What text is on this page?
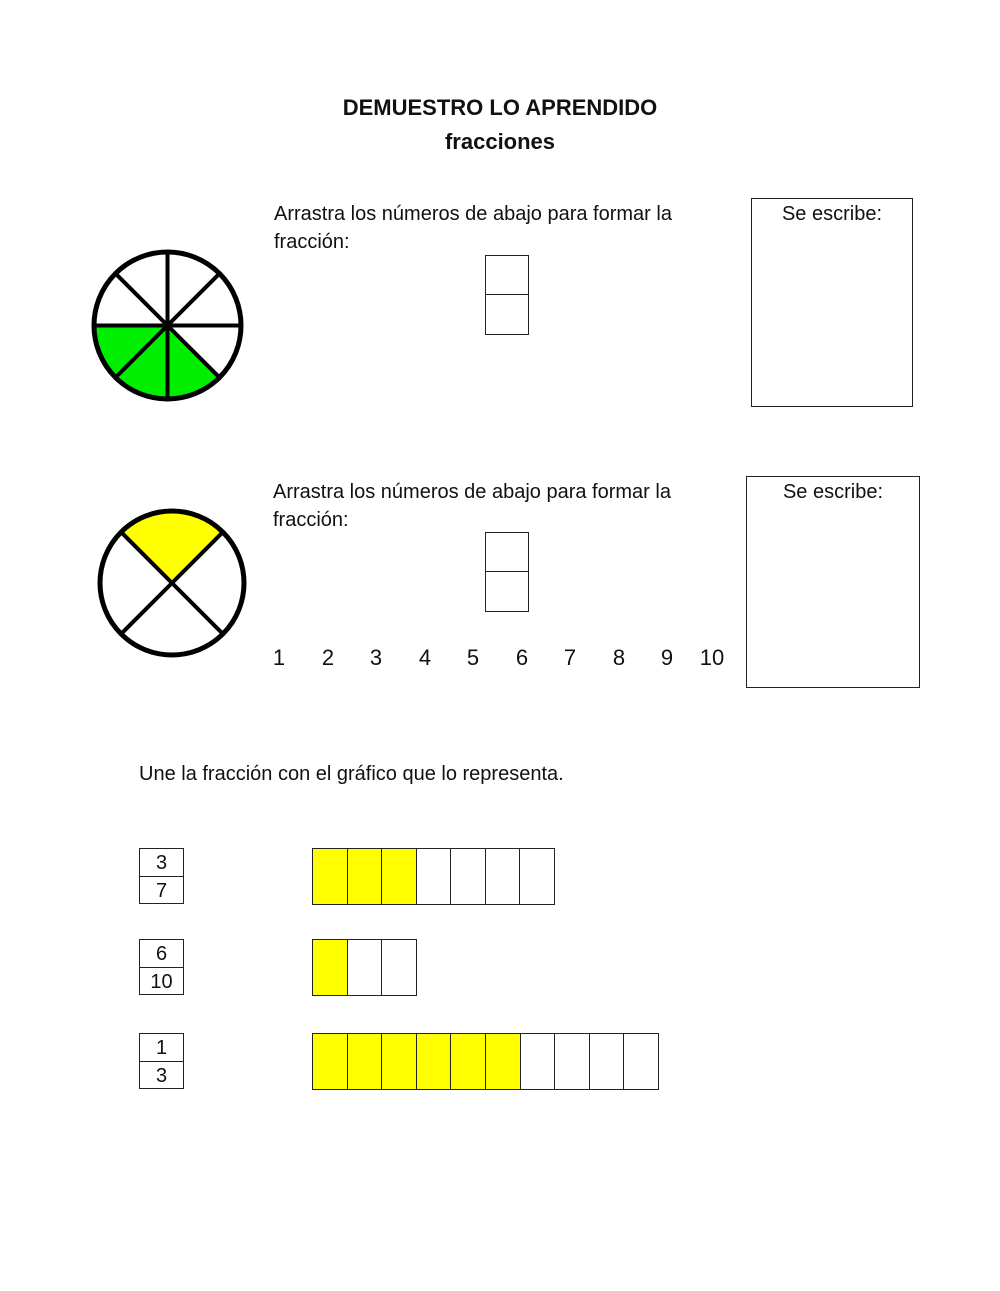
DEMUESTRO LO APRENDIDO
fracciones
Arrastra los números de abajo para formar la fracción:
Se escribe:
Arrastra los números de abajo para formar la fracción:
Se escribe:
1	2	3	4	5	6	7	8	9	10
Une la fracción con el gráfico que lo representa.
$\frac{3}{7}$
$\frac{6}{10}$
$\frac{1}{3}$
